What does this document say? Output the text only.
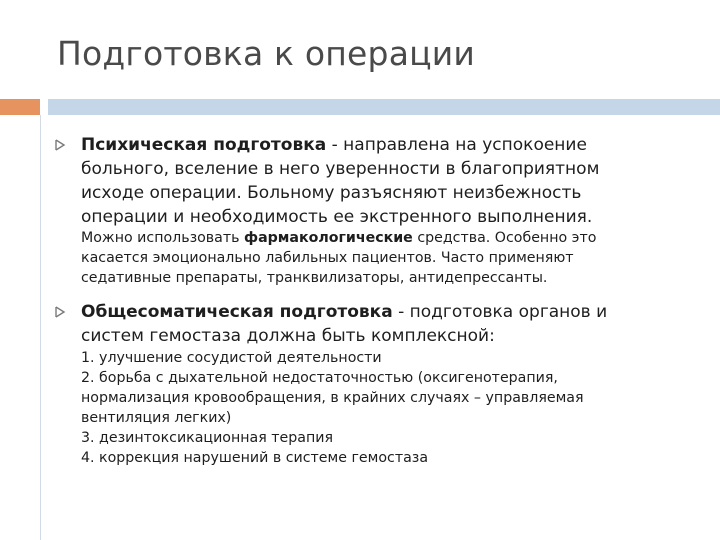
Подготовка к операции
Психическая подготовка - направлена на успокоение
больного, вселение в него уверенности в благоприятном
исходе операции. Больному разъясняют неизбежность
операции и необходимость ее экстренного выполнения.
Можно использовать фармакологические средства. Особенно это
касается эмоционально лабильных пациентов. Часто применяют
седативные препараты, транквилизаторы, антидепрессанты.
Общесоматическая подготовка - подготовка органов и
систем гемостаза должна быть комплексной:
1. улучшение сосудистой деятельности
2. борьба с дыхательной недостаточностью (оксигенотерапия,
нормализация кровообращения, в крайних случаях – управляемая
вентиляция легких)
3. дезинтоксикационная терапия
4. коррекция нарушений в системе гемостаза
